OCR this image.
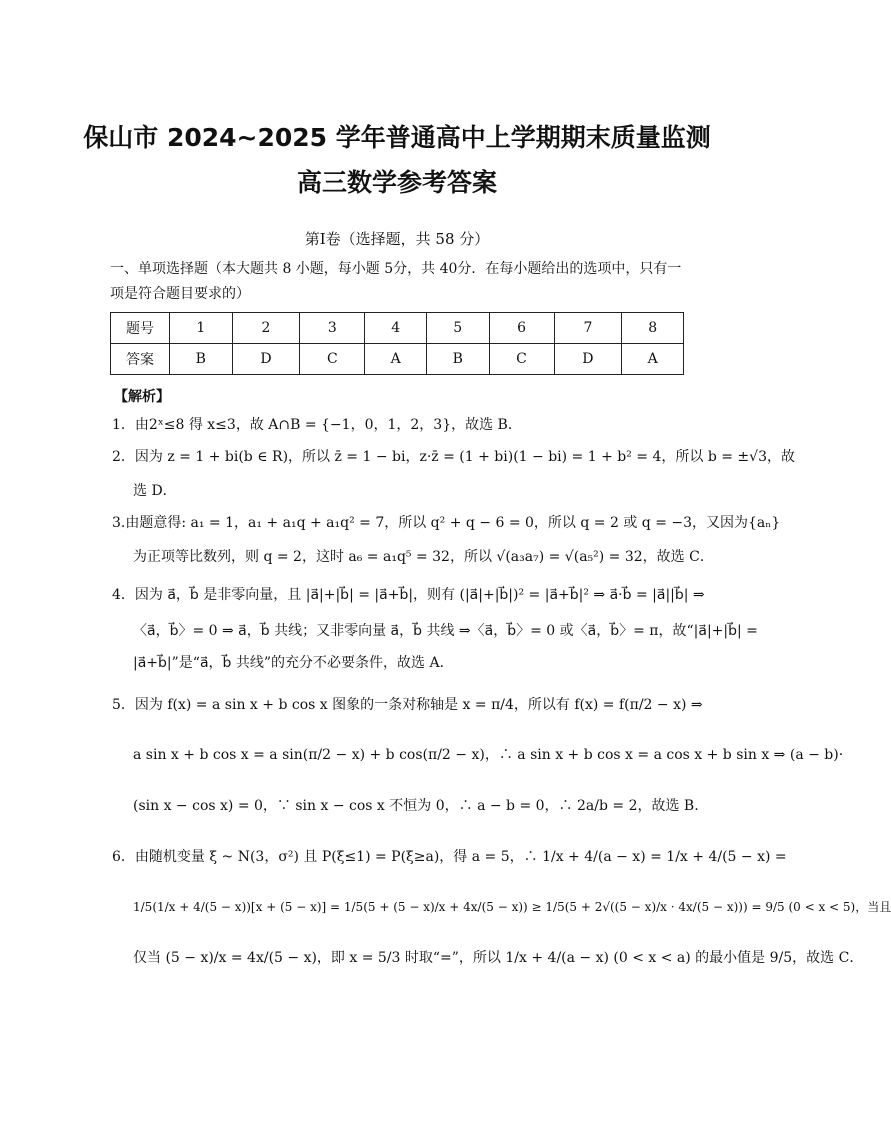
保山市 2024~2025 学年普通高中上学期期末质量监测
高三数学参考答案
第Ⅰ卷（选择题，共 58 分）
一、单项选择题（本大题共 8 小题，每小题 5分，共 40分．在每小题给出的选项中，只有一项是符合题目要求的）
题号	1	2	3	4	5	6	7	8
答案	B	D	C	A	B	C	D	A
【解析】
1．由2ˣ≤8 得 x≤3，故 A∩B = {−1，0，1，2，3}，故选 B．
2．因为 z = 1 + bi(b ∈ R)，所以 z̄ = 1 − bi，z·z̄ = (1 + bi)(1 − bi) = 1 + b² = 4，所以 b = ±√3，故
选 D．
3.由题意得: a₁ = 1，a₁ + a₁q + a₁q² = 7，所以 q² + q − 6 = 0，所以 q = 2 或 q = −3，又因为{aₙ}
为正项等比数列，则 q = 2，这时 a₆ = a₁q⁵ = 32，所以 √(a₃a₇) = √(a₅²) = 32，故选 C．
4．因为 a⃗，b⃗ 是非零向量，且 |a⃗|+|b⃗| = |a⃗+b⃗|，则有 (|a⃗|+|b⃗|)² = |a⃗+b⃗|² ⇒ a⃗·b⃗ = |a⃗||b⃗| ⇒
〈a⃗，b⃗〉= 0 ⇒ a⃗，b⃗ 共线；又非零向量 a⃗，b⃗ 共线 ⇒〈a⃗，b⃗〉= 0 或〈a⃗，b⃗〉= π，故“|a⃗|+|b⃗| =
|a⃗+b⃗|”是“a⃗，b⃗ 共线”的充分不必要条件，故选 A．
5．因为 f(x) = a sin x + b cos x 图象的一条对称轴是 x = π/4，所以有 f(x) = f(π/2 − x) ⇒
a sin x + b cos x = a sin(π/2 − x) + b cos(π/2 − x)，∴ a sin x + b cos x = a cos x + b sin x ⇒ (a − b)·
(sin x − cos x) = 0，∵ sin x − cos x 不恒为 0，∴ a − b = 0，∴ 2a/b = 2，故选 B.
6．由随机变量 ξ ~ N(3，σ²) 且 P(ξ≤1) = P(ξ≥a)，得 a = 5，∴ 1/x + 4/(a − x) = 1/x + 4/(5 − x) =
1/5(1/x + 4/(5 − x))[x + (5 − x)] = 1/5(5 + (5 − x)/x + 4x/(5 − x)) ≥ 1/5(5 + 2√((5 − x)/x · 4x/(5 − x))) = 9/5 (0 < x < 5)，当且
仅当 (5 − x)/x = 4x/(5 − x)，即 x = 5/3 时取“=”，所以 1/x + 4/(a − x) (0 < x < a) 的最小值是 9/5，故选 C．
